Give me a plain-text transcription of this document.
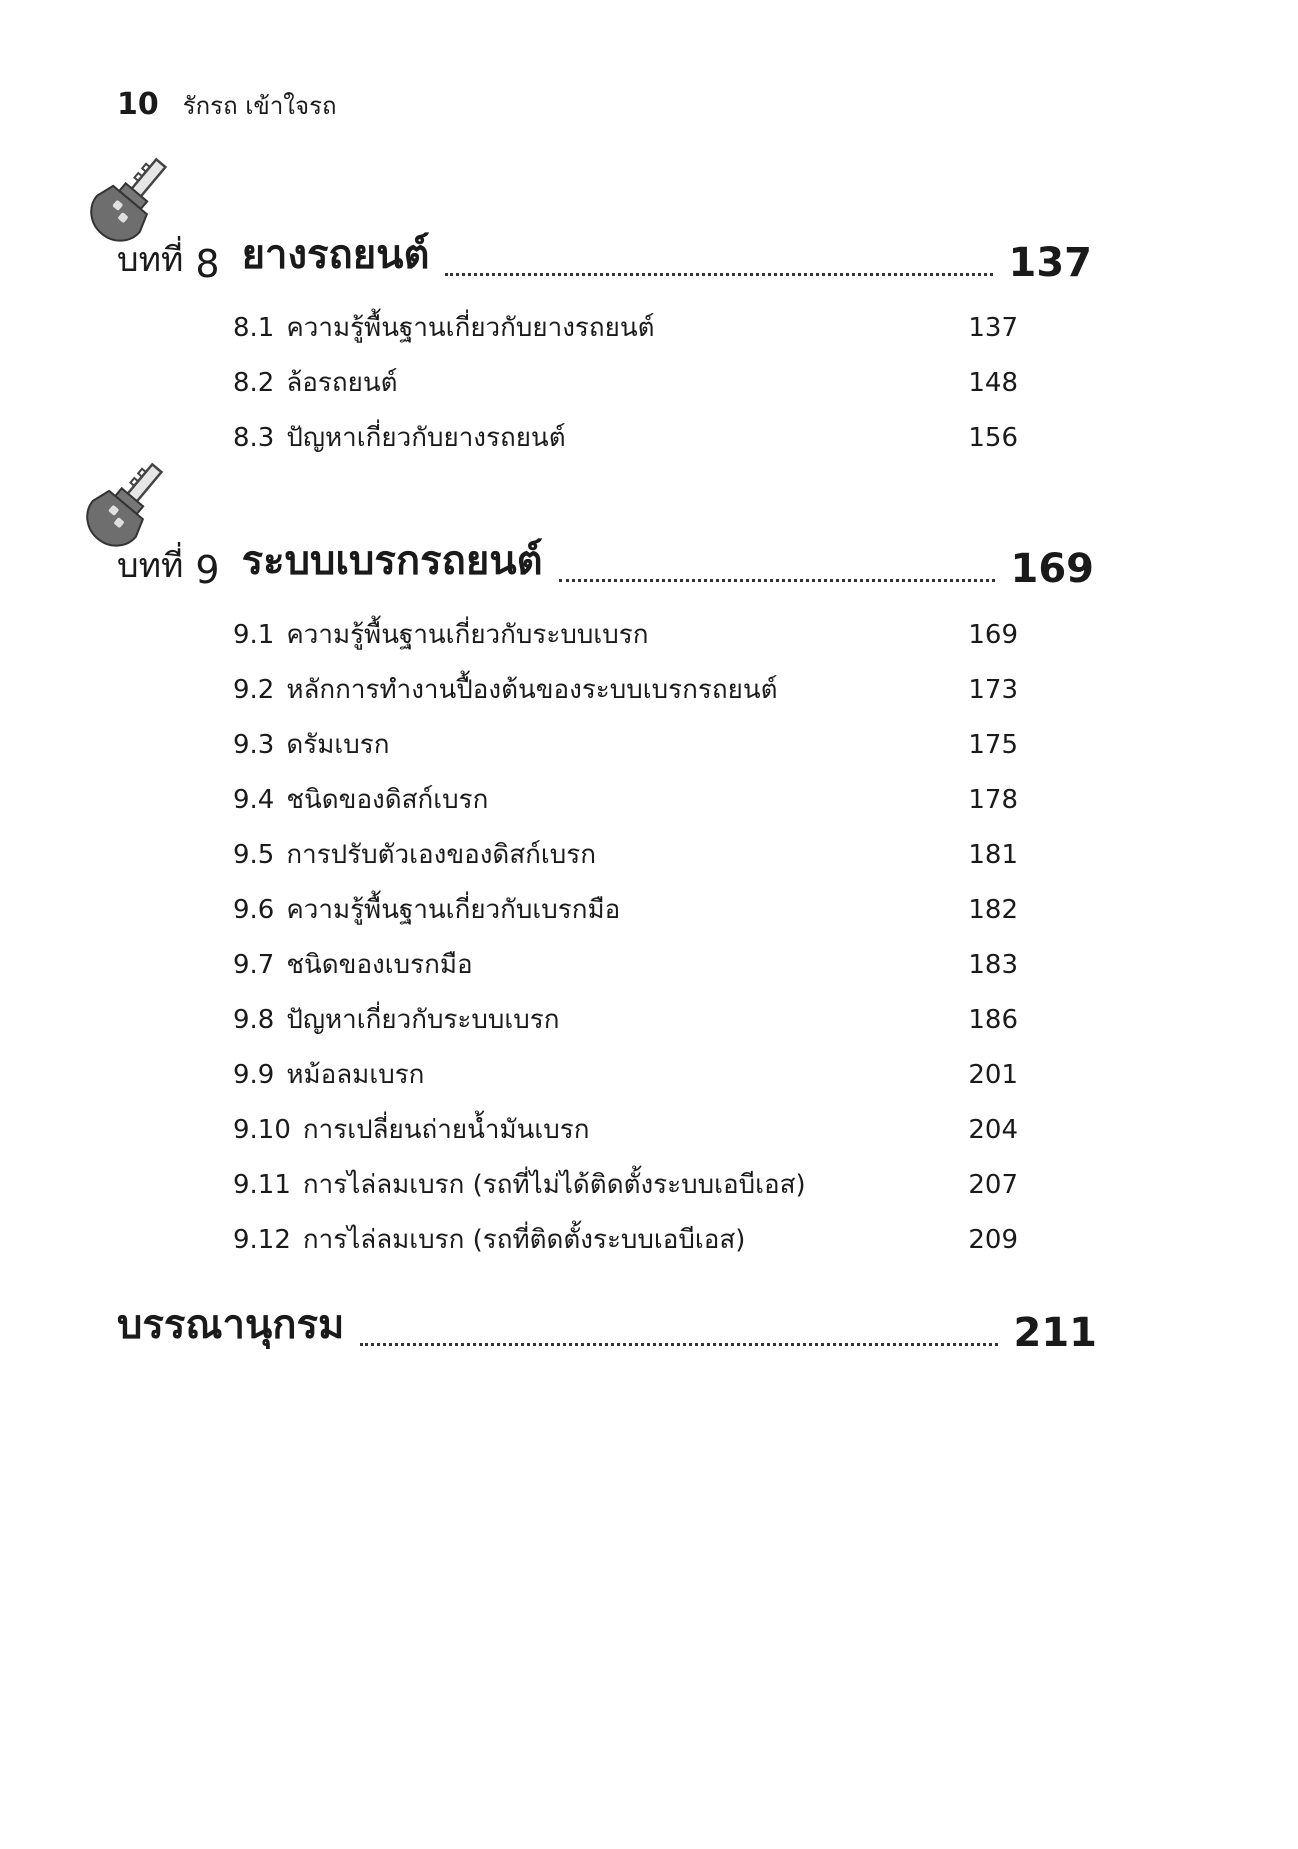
10 รักรถ เข้าใจรถ
บทที่ 8 ยางรถยนต์	137
8.1 ความรู้พื้นฐานเกี่ยวกับยางรถยนต์	137
8.2 ล้อรถยนต์	148
8.3 ปัญหาเกี่ยวกับยางรถยนต์	156
บทที่ 9 ระบบเบรกรถยนต์	169
9.1 ความรู้พื้นฐานเกี่ยวกับระบบเบรก	169
9.2 หลักการทำงานปื้องต้นของระบบเบรกรถยนต์	173
9.3 ดรัมเบรก	175
9.4 ชนิดของดิสก์เบรก	178
9.5 การปรับตัวเองของดิสก์เบรก	181
9.6 ความรู้พื้นฐานเกี่ยวกับเบรกมือ	182
9.7 ชนิดของเบรกมือ	183
9.8 ปัญหาเกี่ยวกับระบบเบรก	186
9.9 หม้อลมเบรก	201
9.10 การเปลี่ยนถ่ายน้ำมันเบรก	204
9.11 การไล่ลมเบรก (รถที่ไม่ได้ติดตั้งระบบเอบีเอส)	207
9.12 การไล่ลมเบรก (รถที่ติดตั้งระบบเอบีเอส)	209
บรรณานุกรม	211
